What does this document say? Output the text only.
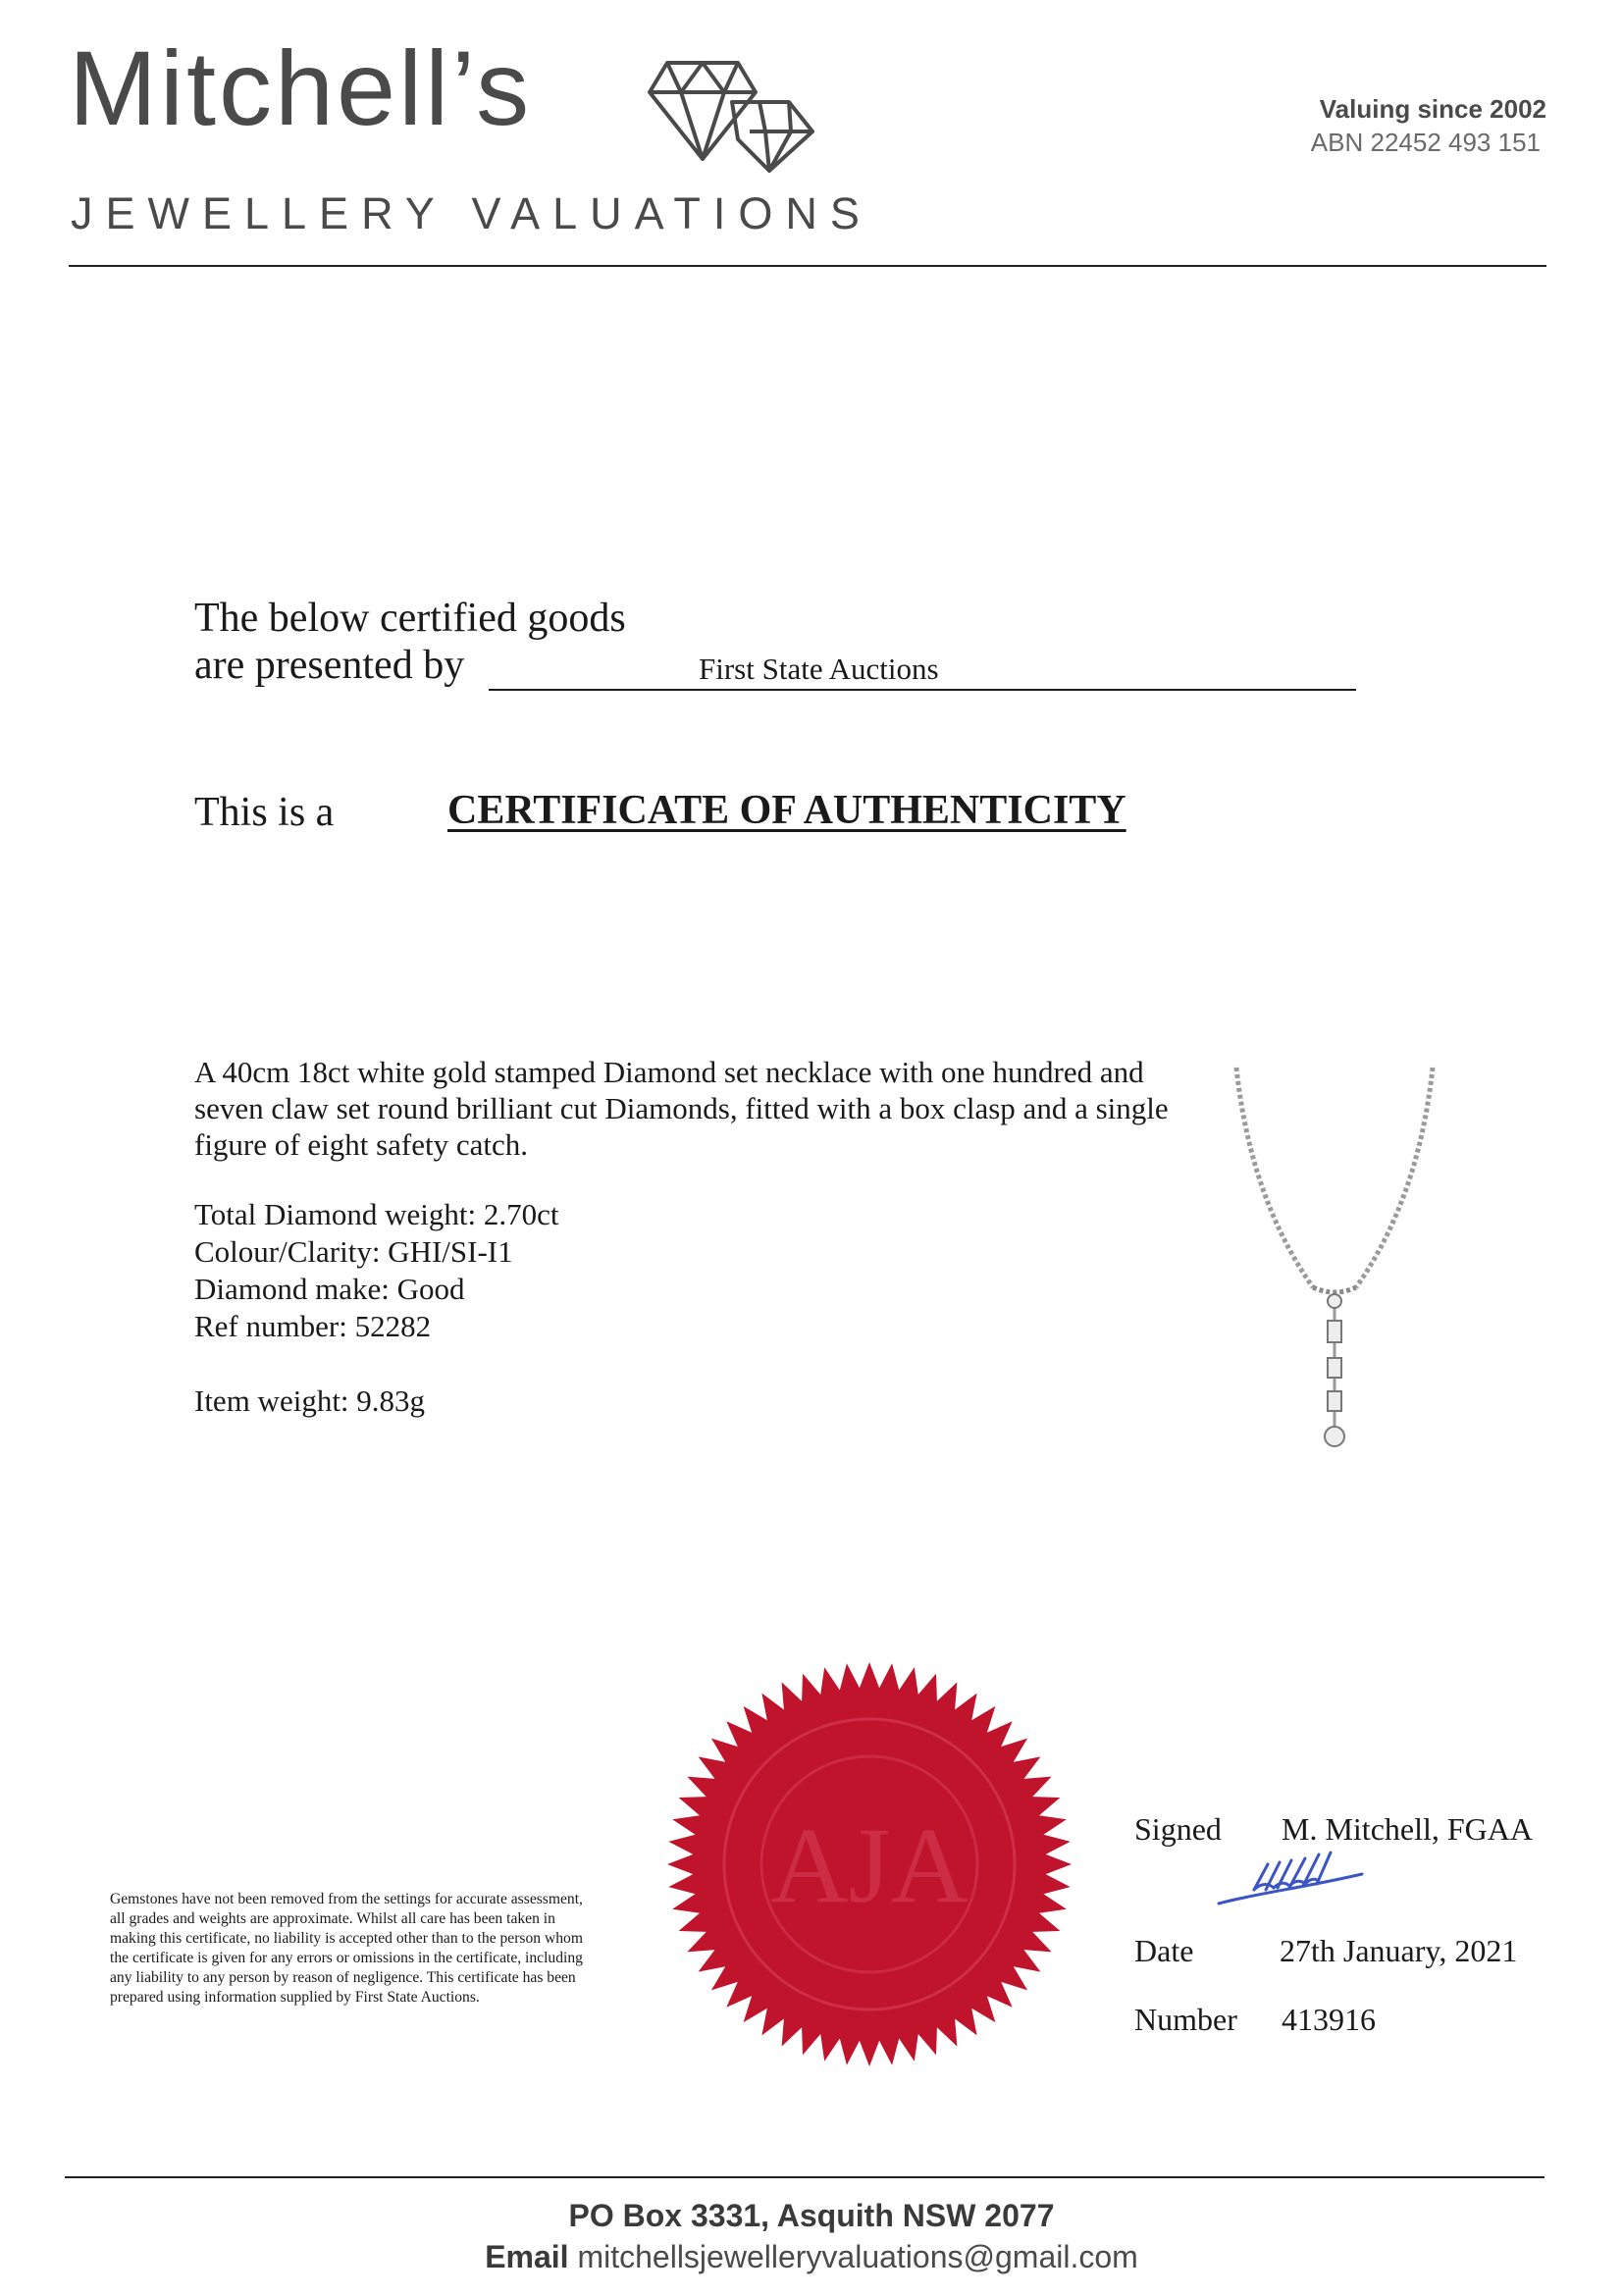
Mitchell’s
JEWELLERY VALUATIONS
Valuing since 2002
ABN 22452 493 151
The below certified goods
are presented by	First State Auctions
This is a	CERTIFICATE OF AUTHENTICITY

A 40cm 18ct white gold stamped Diamond set necklace with one hundred and seven claw set round brilliant cut Diamonds, fitted with a box clasp and a single figure of eight safety catch.

Total Diamond weight: 2.70ct
Colour/Clarity: GHI/SI-I1
Diamond make: Good
Ref number: 52282
Item weight: 9.83g

Gemstones have not been removed from the settings for accurate assessment, all grades and weights are approximate. Whilst all care has been taken in making this certificate, no liability is accepted other than to the person whom the certificate is given for any errors or omissions in the certificate, including any liability to any person by reason of negligence. This certificate has been prepared using information supplied by First State Auctions.

AJA	Signed M. Mitchell, FGAA
Date	27th January, 2021
Number 413916
PO Box 3331, Asquith NSW 2077
Email mitchellsjewelleryvaluations@gmail.com
